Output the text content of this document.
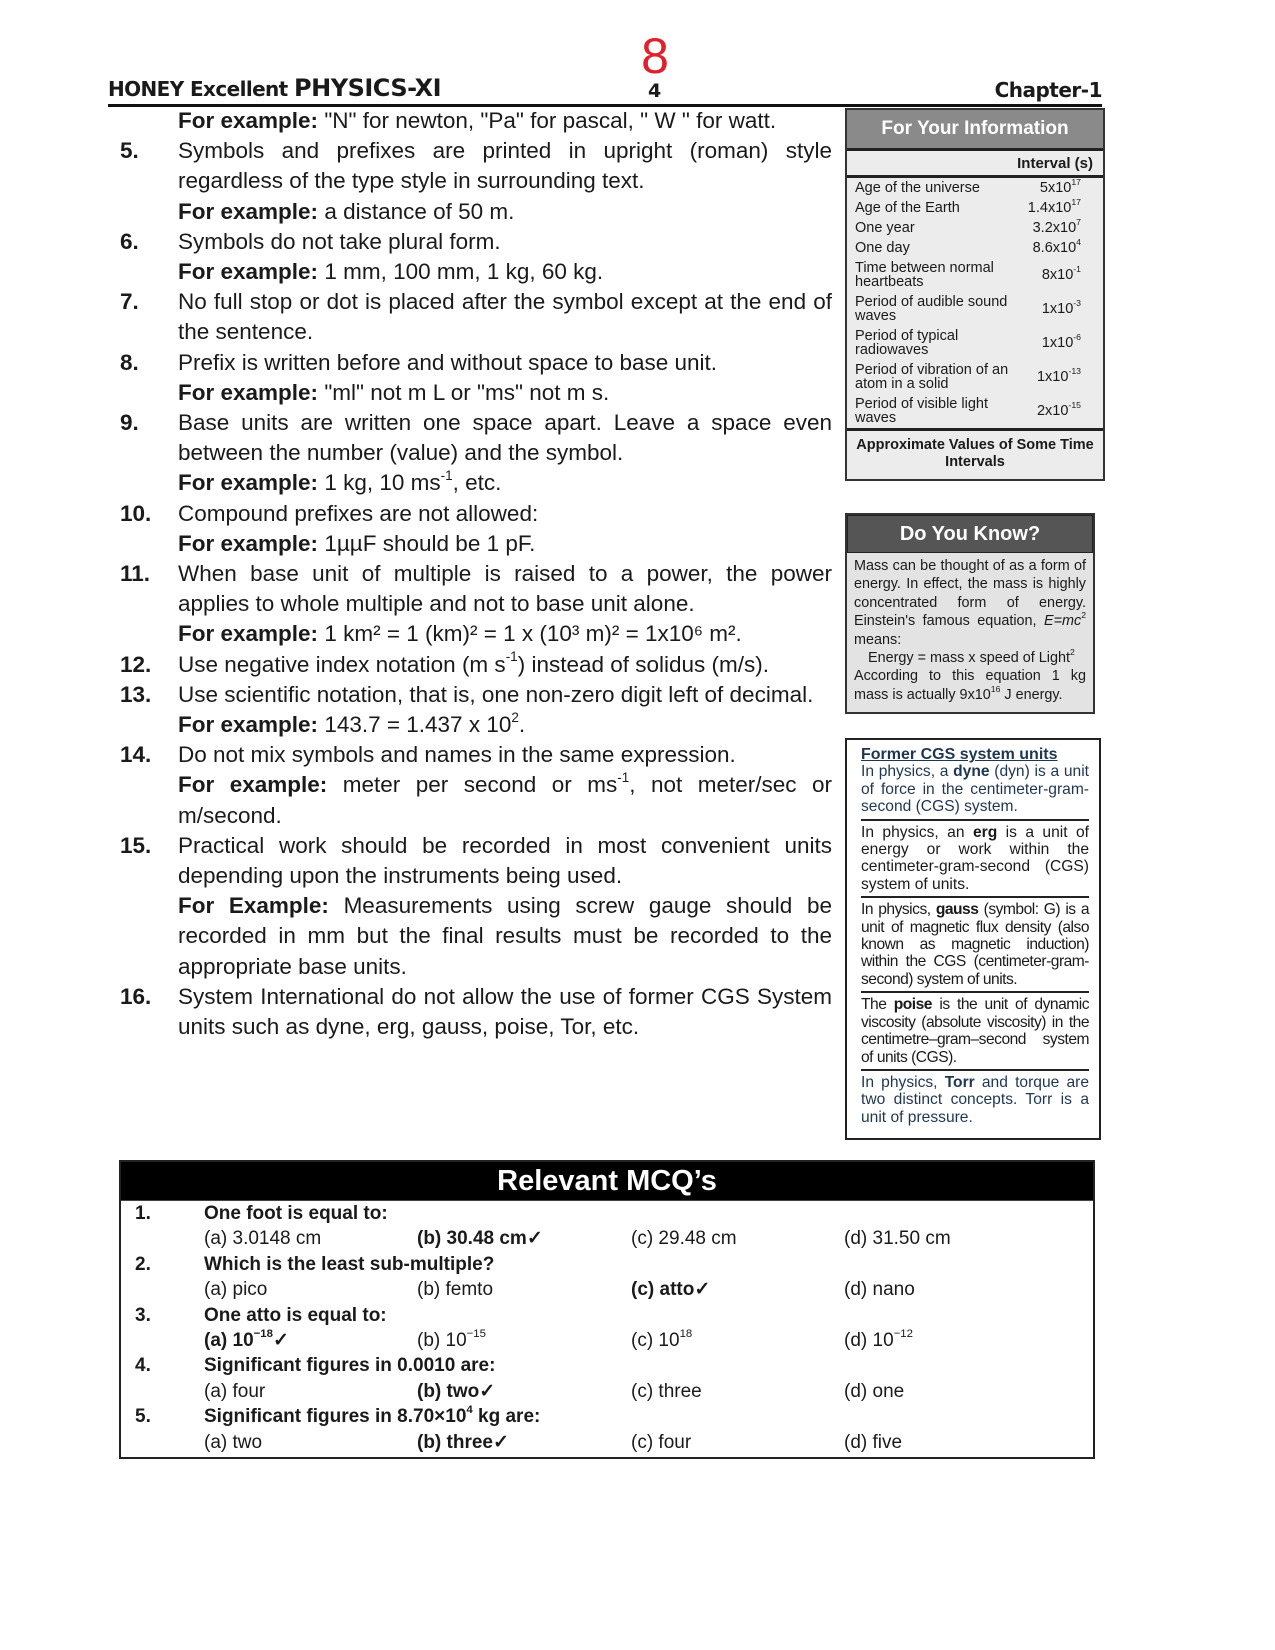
8
HONEY Excellent PHYSICS-XI	4	Chapter-1
For example: "N" for newton, "Pa" for pascal, " W " for watt.
5.	Symbols and prefixes are printed in upright (roman) style regardless of the type style in surrounding text.
For example: a distance of 50 m.
6.	Symbols do not take plural form.
For example: 1 mm, 100 mm, 1 kg, 60 kg.
7.	No full stop or dot is placed after the symbol except at the end of the sentence.
8.	Prefix is written before and without space to base unit.
For example: "ml" not m L or "ms" not m s.
9.	Base units are written one space apart. Leave a space even between the number (value) and the symbol.
For example: 1 kg, 10 $ms^{-1}$, etc.
10.	Compound prefixes are not allowed:
For example: 1µµF should be 1 pF.
11.	When base unit of multiple is raised to a power, the power applies to whole multiple and not to base unit alone.
For example: 1 km² = 1 (km)² = 1 x (10³ m)² = 1x10⁶ m².
12.	Use negative index notation (m $s^{-1}$) instead of solidus (m/s).
13.	Use scientific notation, that is, one non-zero digit left of decimal.
For example: 143.7 = 1.437 x $10^2$.
14.	Do not mix symbols and names in the same expression.
For example: meter per second or $ms^{-1}$, not meter/sec or m/second.
15.	Practical work should be recorded in most convenient units depending upon the instruments being used.
For Example: Measurements using screw gauge should be recorded in mm but the final results must be recorded to the appropriate base units.
16.	System International do not allow the use of former CGS System units such as dyne, erg, gauss, poise, Tor, etc.
For Your Information
Interval (s)
Age of the universe	$5x10^{17}$
Age of the Earth	$1.4x10^{17}$
One year	$3.2x10^7$
One day	$8.6x10^4$
Time between normal heartbeats	$8x10^{-1}$
Period of audible sound waves	$1x10^{-3}$
Period of typical radiowaves	$1x10^{-6}$
Period of vibration of an atom in a solid	$1x10^{-13}$
Period of visible light waves	$2x10^{-15}$
Approximate Values of Some Time Intervals
Do You Know?
Mass can be thought of as a form of energy. In effect, the mass is highly concentrated form of energy. Einstein's famous equation, $E=mc^2$ means:
Energy = mass x speed of Light$^2$
According to this equation 1 kg mass is actually $9x10^{16}$ J energy.
Former CGS system units
In physics, a dyne (dyn) is a unit of force in the centimeter-gram-second (CGS) system.
In physics, an erg is a unit of energy or work within the centimeter-gram-second (CGS) system of units.
In physics, gauss (symbol: G) is a unit of magnetic flux density (also known as magnetic induction) within the CGS (centimeter-gram-second) system of units.
The poise is the unit of dynamic viscosity (absolute viscosity) in the centimetre–gram–second system of units (CGS).
In physics, Torr and torque are two distinct concepts. Torr is a unit of pressure.
Relevant MCQ’s
1.	One foot is equal to:
(a) 3.0148 cm	(b) 30.48 cm✓	(c) 29.48 cm	(d) 31.50 cm
2.	Which is the least sub-multiple?
(a) pico	(b) femto	(c) atto✓	(d) nano
3.	One atto is equal to:
(a) $10^{-18}✓$	(b) $10^{-15}$	(c) $10^{18}$	(d) $10^{-12}$
4.	Significant figures in 0.0010 are:
(a) four	(b) two✓	(c) three	(d) one
5.	Significant figures in $8.70\times 10^4$ kg are:
(a) two	(b) three✓	(c) four	(d) five
